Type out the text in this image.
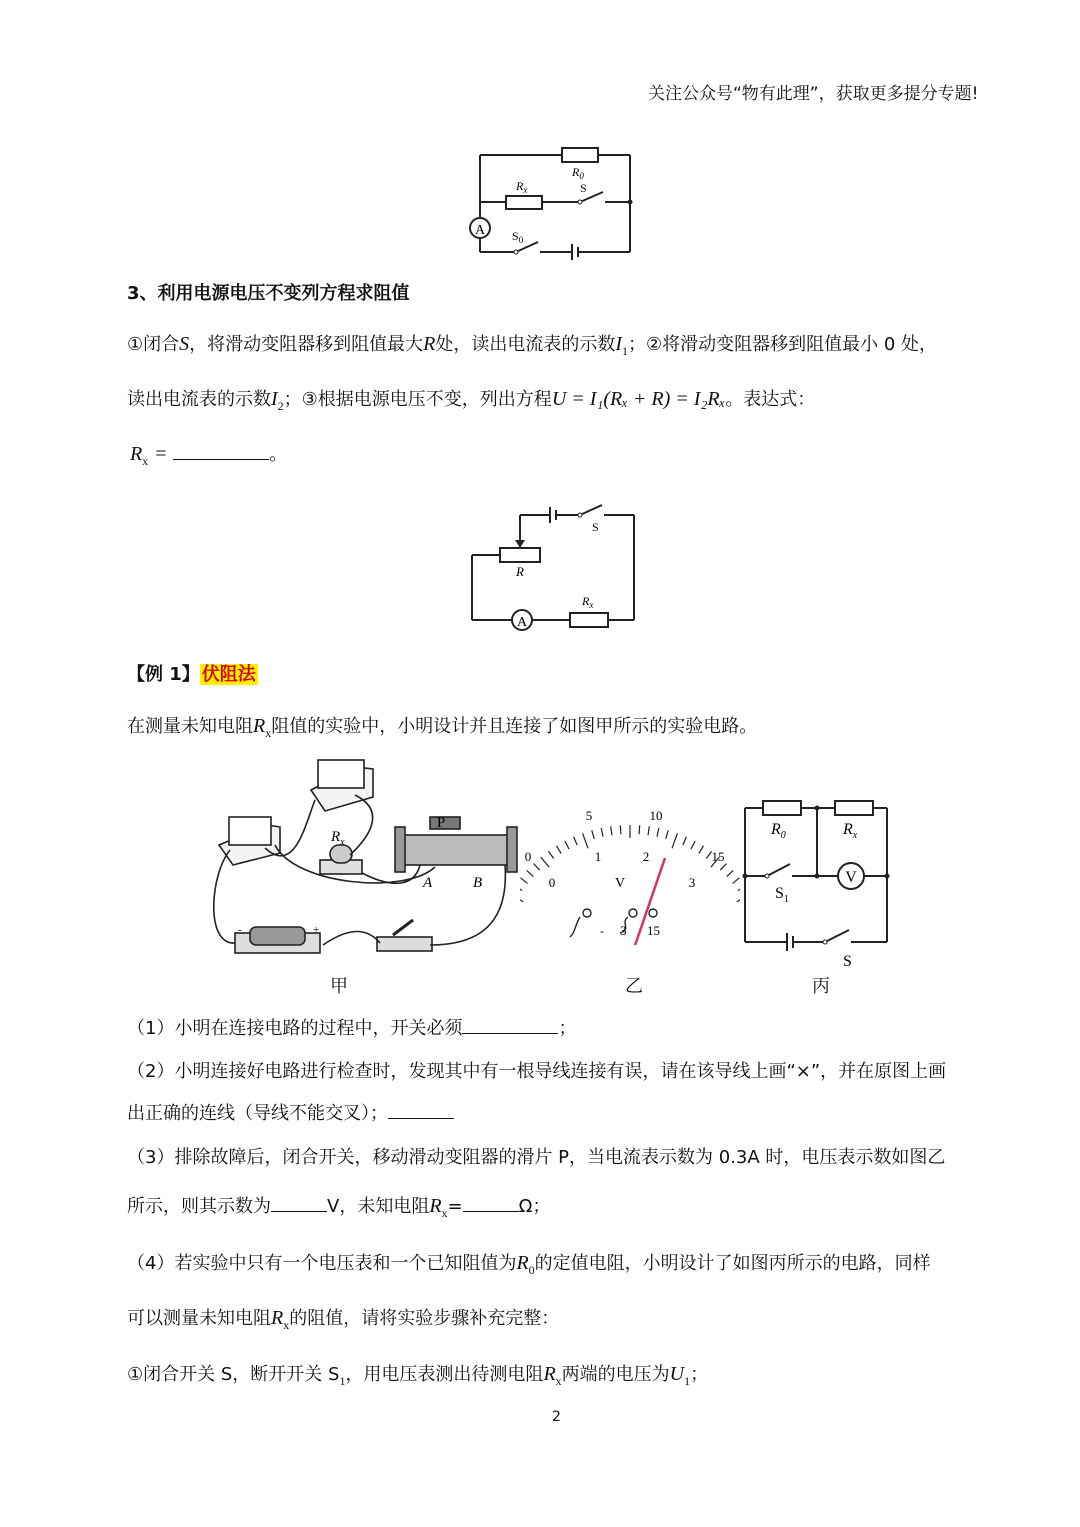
关注公众号“物有此理”，获取更多提分专题!
A
$R_0$
$R_x$	S
$S_0$
3、利用电源电压不变列方程求阻值
①闭合S，将滑动变阻器移到阻值最大R处，读出电流表的示数$I_1$；②将滑动变阻器移到阻值最小 0 处，
读出电流表的示数$I_2$；③根据电源电压不变，列出方程U = I₁(Rₓ + R) = I₂Rₓ。表达式：
$R_x$ =	。
A
S
R
$R_x$
【例 1】 伏阻法
在测量未知电阻$R_x$阻值的实验中，小明设计并且连接了如图甲所示的实验电路。
P
A	B
$R_x$
-	+
5	10
15
0
0
1	2
3
V
- 3 15
$R_0$	$R_x$
V
$S_1$
S
甲	乙	丙
（1）小明在连接电路的过程中，开关必须	；
（2）小明连接好电路进行检查时，发现其中有一根导线连接有误，请在该导线上画“×”，并在原图上画
出正确的连线（导线不能交叉）；
（3）排除故障后，闭合开关，移动滑动变阻器的滑片 P，当电流表示数为 0.3A 时，电压表示数如图乙
所示，则其示数为	V，未知电阻$R_x=$	Ω；
（4）若实验中只有一个电压表和一个已知阻值为$R_0$的定值电阻，小明设计了如图丙所示的电路，同样
可以测量未知电阻$R_x$的阻值，请将实验步骤补充完整：
①闭合开关 S，断开开关 $S_1$，用电压表测出待测电阻$R_x$两端的电压为$U_1$；
2
